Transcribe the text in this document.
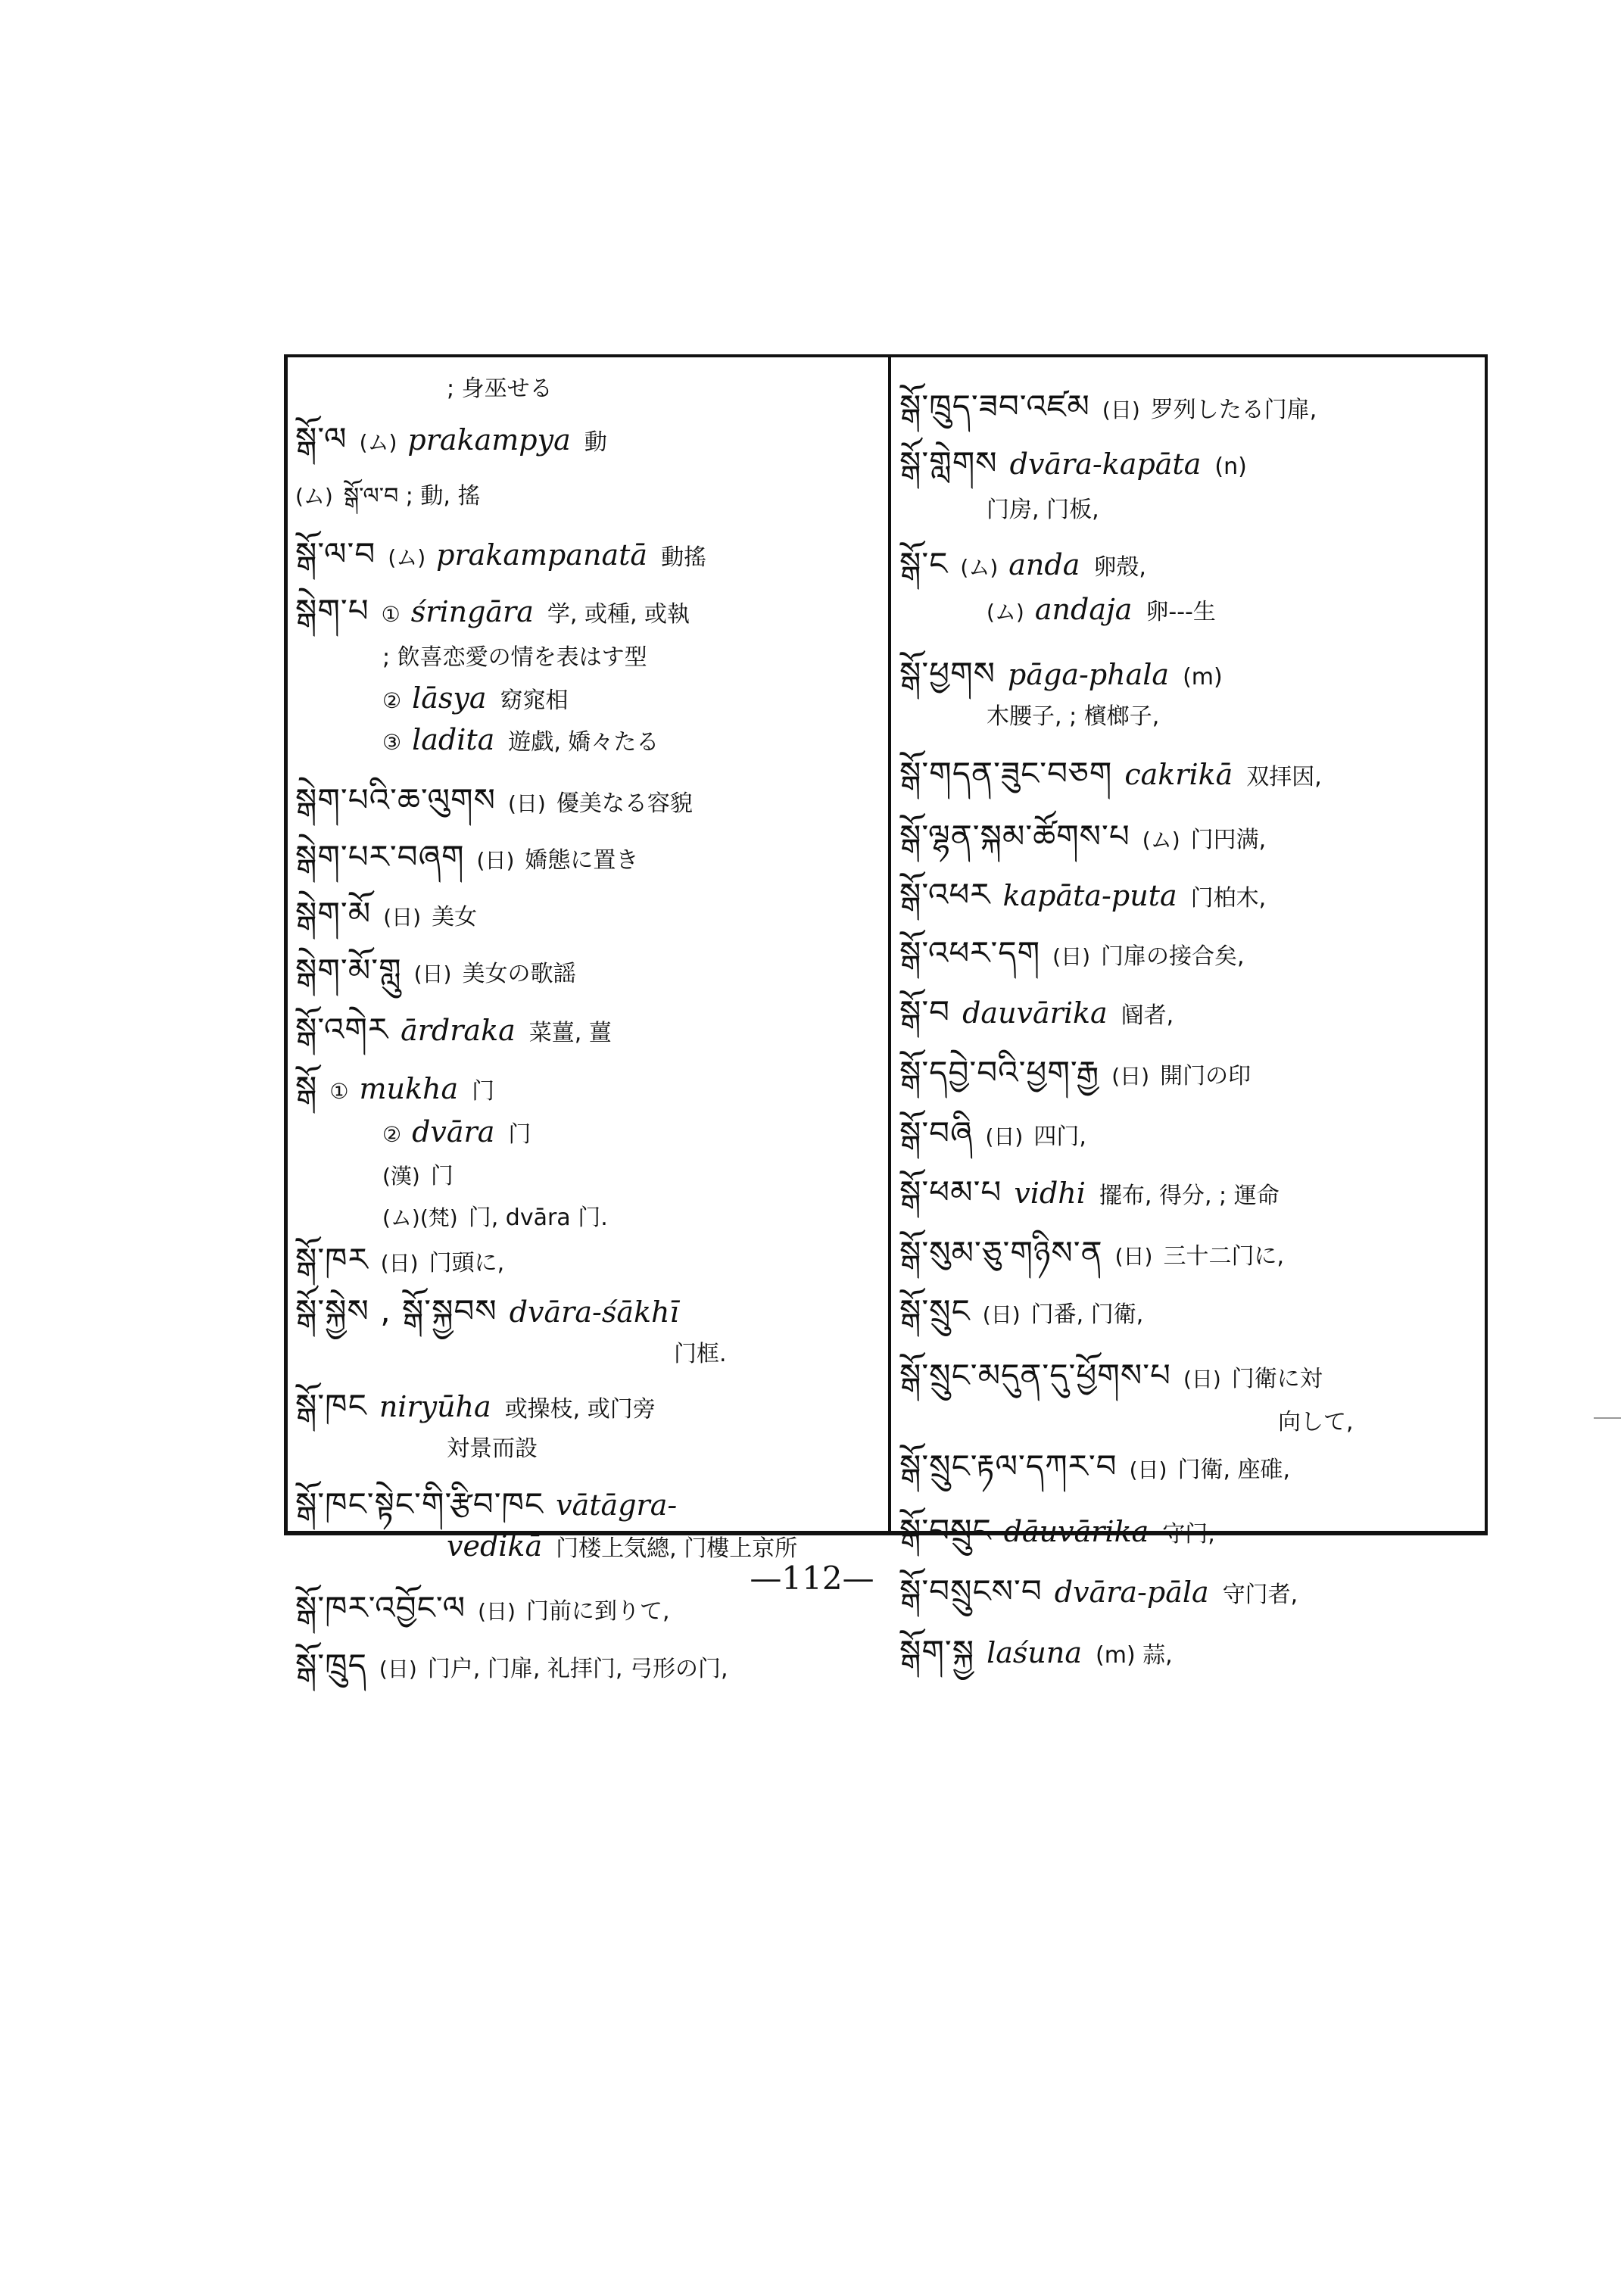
; 身巫せる
སྒོ་ལ (ム) prakampya 動
(ム) སྒོ་ལ་བ ; 動, 搖
སྒོ་ལ་བ (ム) prakampanatā 動搖
སྒེག་པ ① śringāra 学, 或種, 或執
; 飲喜恋愛の情を表はす型
② lāsya 窈窕相
③ ladita 遊戯, 嬌々たる
སྒེག་པའི་ཆ་ལུགས (日) 優美なる容貌
སྒེག་པར་བཞག (日) 嬌態に置き
སྒེག་མོ (日) 美女
སྒེག་མོ་གླུ (日) 美女の歌謡
སྒོ་འགེར ārdraka 菜薑, 薑
སྒོ ① mukha 门
② dvāra 门
(漢) 门
(ム)(梵) 门, dvāra 门.
སྒོ་ཁར (日) 门頭に,
སྒོ་སྐྱེས , སྒོ་སྐྱབས dvāra-śākhī
门框.
སྒོ་ཁང niryūha 或操枝, 或门旁
対景而設
སྒོ་ཁང་སྟེང་གི་རྩིབ་ཁང vātāgra-
vedikā 门楼上気總, 门樓上京所
སྒོ་ཁར་འབྱོང་ལ (日) 门前に到りて,
སྒོ་ཁྲུད (日) 门户, 门扉, 礼拝门, 弓形の门,
སྒོ་ཁྲུད་ཟབ་འཛམ (日) 罗列したる门扉,
སྒོ་གླེགས dvāra-kapāta (n)
门房, 门板,
སྒོ་ང (ム) anda 卵殻,
(ム) andaja 卵---生
སྒོ་ཕྱགས pāga-phala (m)
木腰子, ; 檳榔子,
སྒོ་གདན་ཟུང་བཅག cakrikā 双拝因,
སྒོ་ལྷན་སྐམ་ཚོགས་པ (ム) 门円满,
སྒོ་འཕར kapāta-puta 门柏木,
སྒོ་འཕར་དག (日) 门扉の接合矣,
སྒོ་བ dauvārika 阍者,
སྒོ་དབྱེ་བའི་ཕྱག་རྒྱ (日) 開门の印
སྒོ་བཞི (日) 四门,
སྒོ་ཕམ་པ vidhi 擺布, 得分, ; 運命
སྒོ་སུམ་ཅུ་གཉིས་ན (日) 三十二门に,
སྒོ་སྲུང (日) 门番, 门衛,
སྒོ་སྲུང་མདུན་དུ་ཕྱོགས་པ (日) 门衛に対
向して,
སྒོ་སྲུང་རྟལ་དཀར་བ (日) 门衛, 座碓,
སྒོ་བསྲུང dāuvārika 守门,
སྒོ་བསྲུངས་བ dvāra-pāla 守门者,
སྒོག་སྐྱ laśuna (m) 蒜,
—112—
